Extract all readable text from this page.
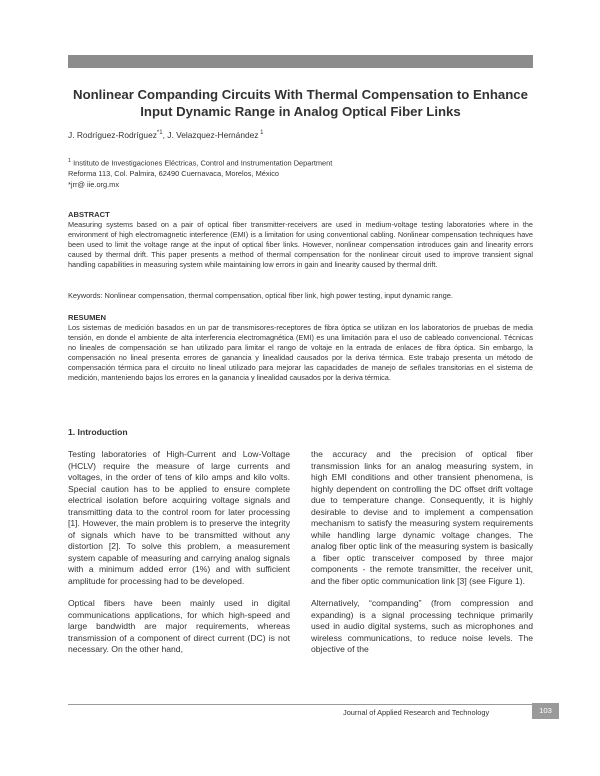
Nonlinear Companding Circuits With Thermal Compensation to Enhance Input Dynamic Range in Analog Optical Fiber Links
J. Rodríguez-Rodríguez$^{*1}$, J. Velazquez-Hernández $^1$
$^1$ Instituto de Investigaciones Eléctricas, Control and Instrumentation Department
Reforma 113, Col. Palmira, 62490 Cuernavaca, Morelos, México
*jrr@ iie.org.mx
ABSTRACT
Measuring systems based on a pair of optical fiber transmitter-receivers are used in medium-voltage testing laboratories where in the environment of high electromagnetic interference (EMI) is a limitation for using conventional cabling. Nonlinear compensation techniques have been used to limit the voltage range at the input of optical fiber links. However, nonlinear compensation introduces gain and linearity errors caused by thermal drift. This paper presents a method of thermal compensation for the nonlinear circuit used to improve transient signal handling capabilities in measuring system while maintaining low errors in gain and linearity caused by thermal drift.
Keywords: Nonlinear compensation, thermal compensation, optical fiber link, high power testing, input dynamic range.
RESUMEN
Los sistemas de medición basados en un par de transmisores-receptores de fibra óptica se utilizan en los laboratorios de pruebas de media tensión, en donde el ambiente de alta interferencia electromagnética (EMI) es una limitación para el uso de cableado convencional. Técnicas no lineales de compensación se han utilizado para limitar el rango de voltaje en la entrada de enlaces de fibra óptica. Sin embargo, la compensación no lineal presenta errores de ganancia y linealidad causados por la deriva térmica. Este trabajo presenta un método de compensación térmica para el circuito no lineal utilizado para mejorar las capacidades de manejo de señales transitorias en el sistema de medición, manteniendo bajos los errores en la ganancia y linealidad causados por la deriva térmica.
1. Introduction

Testing laboratories of High-Current and Low-Voltage (HCLV) require the measure of large currents and voltages, in the order of tens of kilo amps and kilo volts. Special caution has to be applied to ensure complete electrical isolation before acquiring voltage signals and transmitting data to the control room for later processing [1]. However, the main problem is to preserve the integrity of signals which have to be transmitted without any distortion [2]. To solve this problem, a measurement system capable of measuring and carrying analog signals with a minimum added error (1%) and with sufficient amplitude for processing had to be developed.

Optical fibers have been mainly used in digital communications applications, for which high-speed and large bandwidth are major requirements, whereas transmission of a component of direct current (DC) is not necessary. On the other hand,

the accuracy and the precision of optical fiber transmission links for an analog measuring system, in high EMI conditions and other transient phenomena, is highly dependent on controlling the DC offset drift voltage due to temperature change. Consequently, it is highly desirable to devise and to implement a compensation mechanism to satisfy the measuring system requirements while handling large dynamic voltage changes. The analog fiber optic link of the measuring system is basically a fiber optic transceiver composed by three major components - the remote transmitter, the receiver unit, and the fiber optic communication link [3] (see Figure 1).

Alternatively, “companding” (from compression and expanding) is a signal processing technique primarily used in audio digital systems, such as microphones and wireless communications, to reduce noise levels. The objective of the

Journal of Applied Research and Technology	103
